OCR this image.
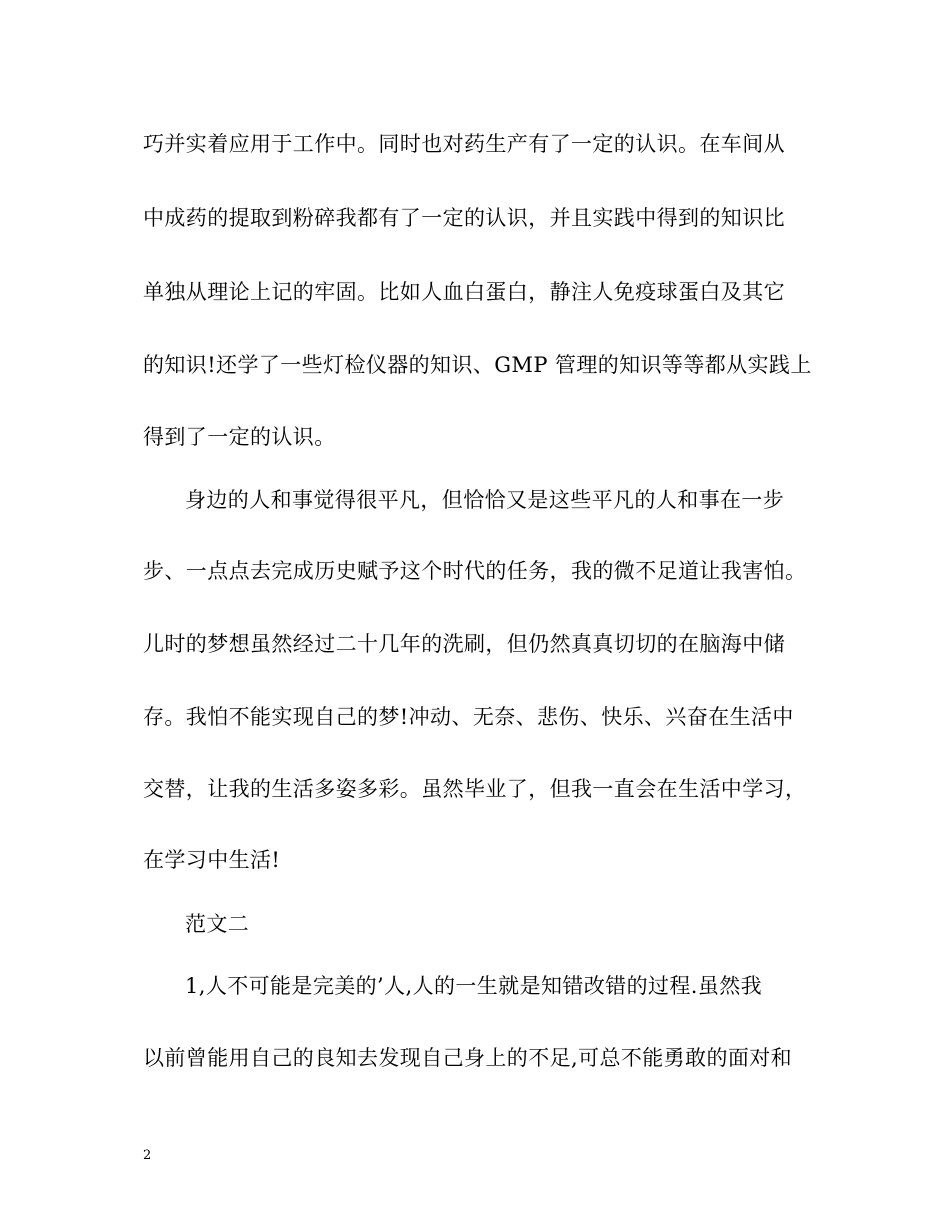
巧并实着应用于工作中。同时也对药生产有了一定的认识。在车间从
中成药的提取到粉碎我都有了一定的认识，并且实践中得到的知识比
单独从理论上记的牢固。比如人血白蛋白，静注人免疫球蛋白及其它
的知识!还学了一些灯检仪器的知识、GMP 管理的知识等等都从实践上
得到了一定的认识。
身边的人和事觉得很平凡，但恰恰又是这些平凡的人和事在一步
步、一点点去完成历史赋予这个时代的任务，我的微不足道让我害怕。
儿时的梦想虽然经过二十几年的洗刷，但仍然真真切切的在脑海中储
存。我怕不能实现自己的梦!冲动、无奈、悲伤、快乐、兴奋在生活中
交替，让我的生活多姿多彩。虽然毕业了，但我一直会在生活中学习，
在学习中生活!
范文二
1,人不可能是完美的’人,人的一生就是知错改错的过程.虽然我
以前曾能用自己的良知去发现自己身上的不足,可总不能勇敢的面对和
2
